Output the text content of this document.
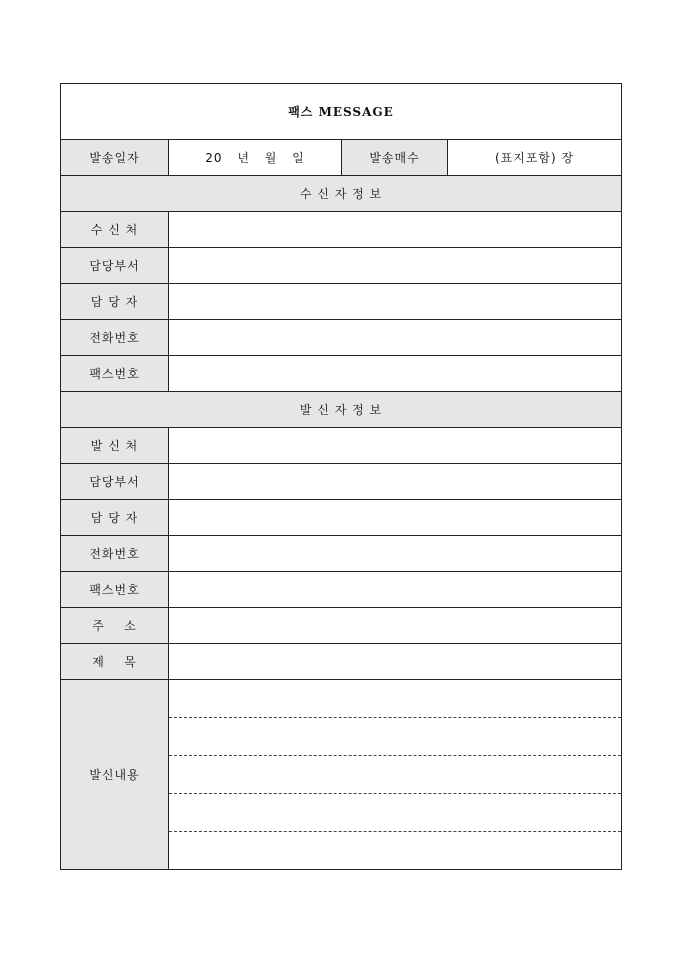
팩스 MESSAGE			
발송일자	20 년 월 일	발송매수	(표지포함) 장
수 신 자 정 보			
수 신 처			
담당부서			
담 당 자			
전화번호			
팩스번호			
발 신 자 정 보			
발 신 처			
담당부서			
담 당 자			
전화번호			
팩스번호			
주    소			
제    목			
발신내용			
